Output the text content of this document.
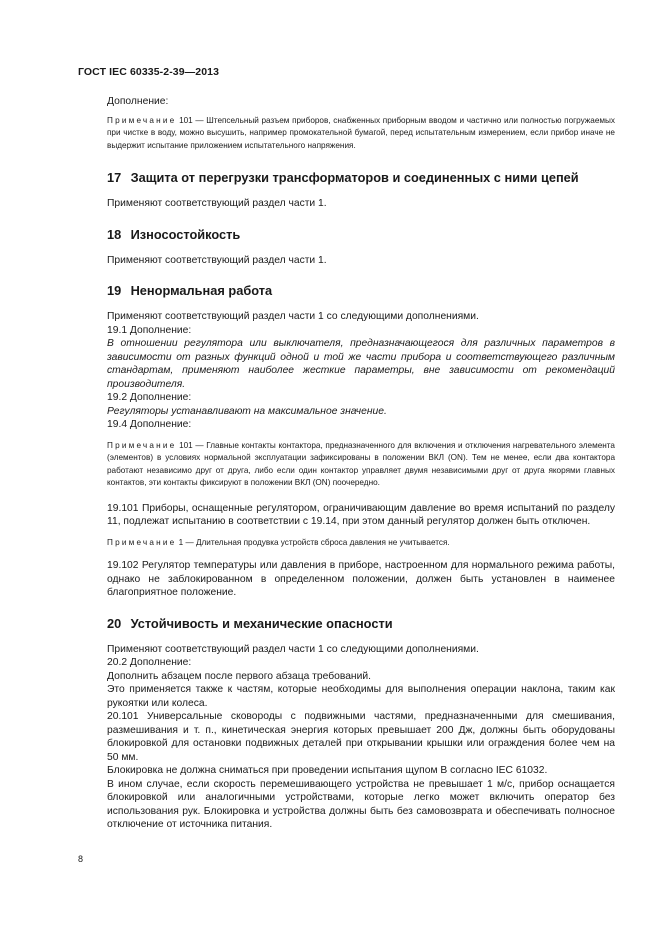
ГОСТ IEC 60335-2-39—2013

Дополнение:

Примечание 101 — Штепсельный разъем приборов, снабженных приборным вводом и частично или полностью погружаемых при чистке в воду, можно высушить, например промокательной бумагой, перед испытательным измерением, если прибор иначе не выдержит испытание приложением испытательного напряжения.

17 Защита от перегрузки трансформаторов и соединенных с ними цепей

Применяют соответствующий раздел части 1.

18 Износостойкость

Применяют соответствующий раздел части 1.

19 Ненормальная работа

Применяют соответствующий раздел части 1 со следующими дополнениями.

19.1 Дополнение:

В отношении регулятора или выключателя, предназначающегося для различных параметров в зависимости от разных функций одной и той же части прибора и соответствующего различным стандартам, применяют наиболее жесткие параметры, вне зависимости от рекомендаций производителя.

19.2 Дополнение:

Регуляторы устанавливают на максимальное значение.

19.4 Дополнение:

Примечание 101 — Главные контакты контактора, предназначенного для включения и отключения нагревательного элемента (элементов) в условиях нормальной эксплуатации зафиксированы в положении ВКЛ (ON). Тем не менее, если два контактора работают независимо друг от друга, либо если один контактор управляет двумя независимыми друг от друга якорями главных контактов, эти контакты фиксируют в положении ВКЛ (ON) поочередно.

19.101 Приборы, оснащенные регулятором, ограничивающим давление во время испытаний по разделу 11, подлежат испытанию в соответствии с 19.14, при этом данный регулятор должен быть отключен.

Примечание 1 — Длительная продувка устройств сброса давления не учитывается.

19.102 Регулятор температуры или давления в приборе, настроенном для нормального режима работы, однако не заблокированном в определенном положении, должен быть установлен в наименее благоприятное положение.

20 Устойчивость и механические опасности

Применяют соответствующий раздел части 1 со следующими дополнениями.

20.2 Дополнение:

Дополнить абзацем после первого абзаца требований.

Это применяется также к частям, которые необходимы для выполнения операции наклона, таким как рукоятки или колеса.

20.101 Универсальные сковороды с подвижными частями, предназначенными для смешивания, размешивания и т. п., кинетическая энергия которых превышает 200 Дж, должны быть оборудованы блокировкой для остановки подвижных деталей при открывании крышки или ограждения более чем на 50 мм.

Блокировка не должна сниматься при проведении испытания щупом B согласно IEC 61032.

В ином случае, если скорость перемешивающего устройства не превышает 1 м/с, прибор оснащается блокировкой или аналогичными устройствами, которые легко может включить оператор без использования рук. Блокировка и устройства должны быть без самовозврата и обеспечивать полносное отключение от источника питания.

8
